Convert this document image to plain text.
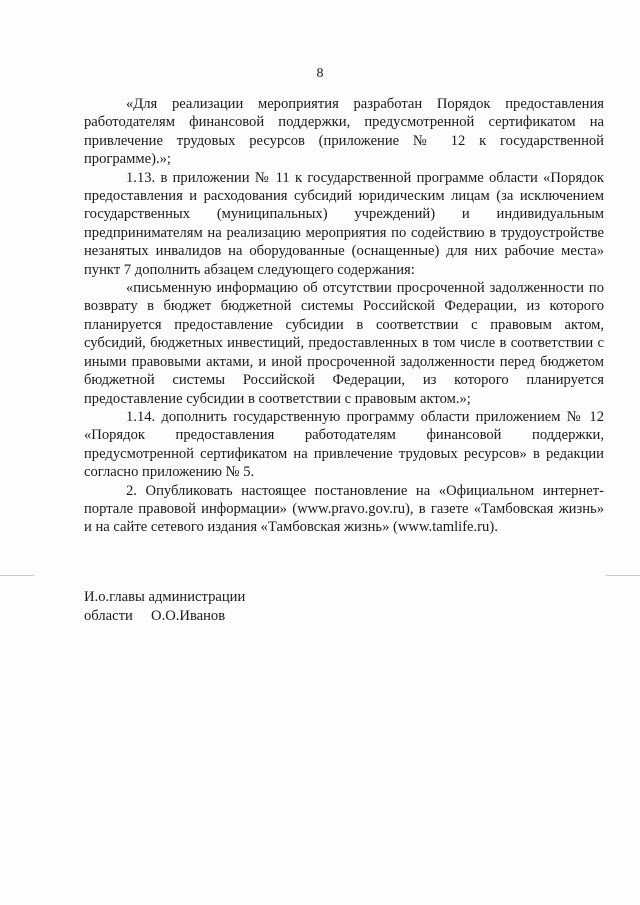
8

«Для реализации мероприятия разработан Порядок предоставления работодателям финансовой поддержки, предусмотренной сертификатом на привлечение трудовых ресурсов (приложение № 12 к государственной программе).»;

1.13. в приложении № 11 к государственной программе области «Порядок предоставления и расходования субсидий юридическим лицам (за исключением государственных (муниципальных) учреждений) и индивидуальным предпринимателям на реализацию мероприятия по содействию в трудоустройстве незанятых инвалидов на оборудованные (оснащенные) для них рабочие места» пункт 7 дополнить абзацем следующего содержания:

«письменную информацию об отсутствии просроченной задолженности по возврату в бюджет бюджетной системы Российской Федерации, из которого планируется предоставление субсидии в соответствии с правовым актом, субсидий, бюджетных инвестиций, предоставленных в том числе в соответствии с иными правовыми актами, и иной просроченной задолженности перед бюджетом бюджетной системы Российской Федерации, из которого планируется предоставление субсидии в соответствии с правовым актом.»;

1.14. дополнить государственную программу области приложением № 12 «Порядок предоставления работодателям финансовой поддержки, предусмотренной сертификатом на привлечение трудовых ресурсов» в редакции согласно приложению № 5.

2. Опубликовать настоящее постановление на «Официальном интернет-портале правовой информации» (www.pravo.gov.ru), в газете «Тамбовская жизнь» и на сайте сетевого издания «Тамбовская жизнь» (www.tamlife.ru).

И.о.главы администрации
области     О.О.Иванов
